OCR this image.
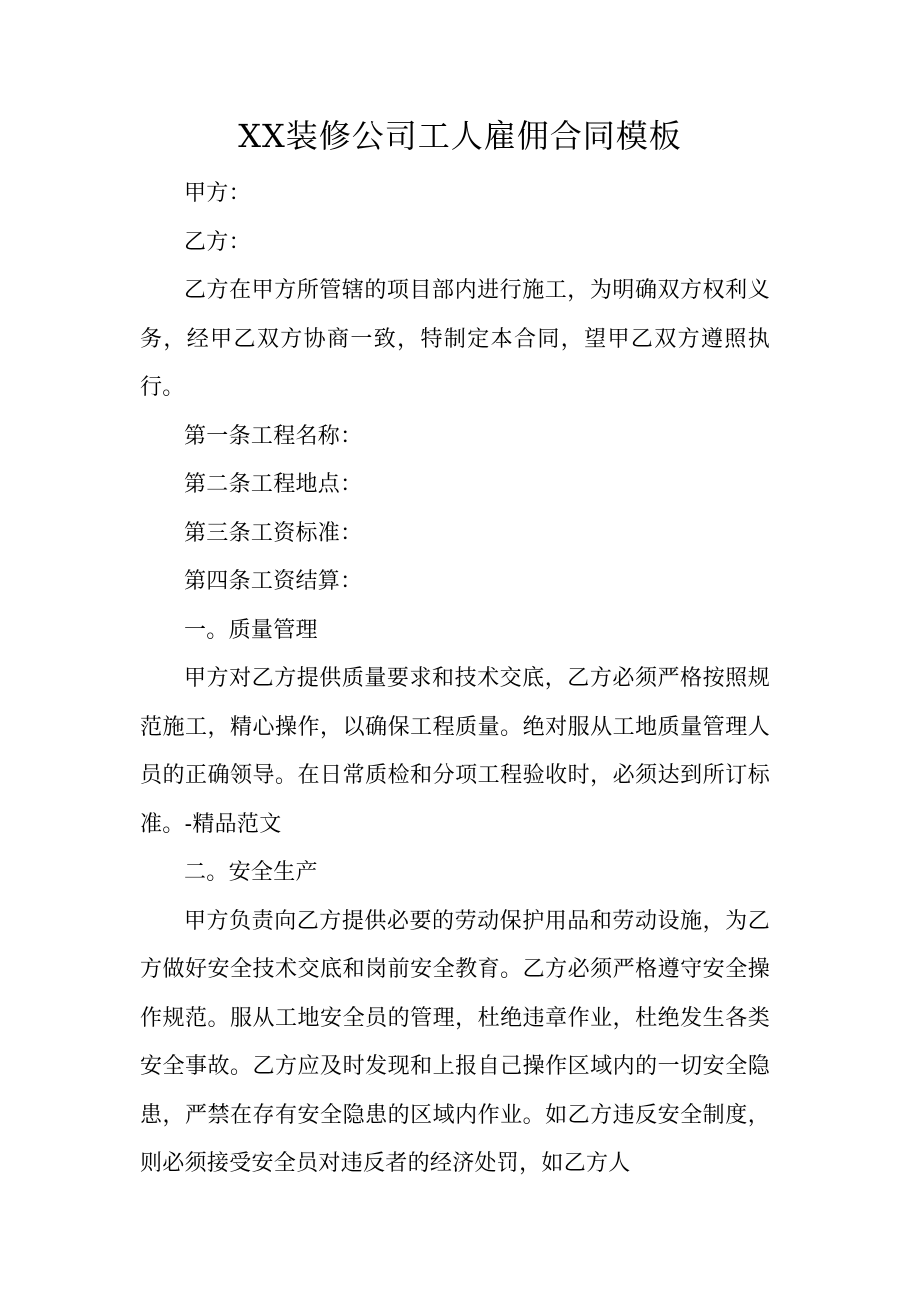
XX装修公司工人雇佣合同模板

甲方：

乙方：

乙方在甲方所管辖的项目部内进行施工，为明确双方权利义务，经甲乙双方协商一致，特制定本合同，望甲乙双方遵照执行。

第一条工程名称：

第二条工程地点：

第三条工资标准：

第四条工资结算：

一。质量管理

甲方对乙方提供质量要求和技术交底，乙方必须严格按照规范施工，精心操作，以确保工程质量。绝对服从工地质量管理人员的正确领导。在日常质检和分项工程验收时，必须达到所订标准。-精品范文

二。安全生产

甲方负责向乙方提供必要的劳动保护用品和劳动设施，为乙方做好安全技术交底和岗前安全教育。乙方必须严格遵守安全操作规范。服从工地安全员的管理，杜绝违章作业，杜绝发生各类安全事故。乙方应及时发现和上报自己操作区域内的一切安全隐患，严禁在存有安全隐患的区域内作业。如乙方违反安全制度，则必须接受安全员对违反者的经济处罚，如乙方人
